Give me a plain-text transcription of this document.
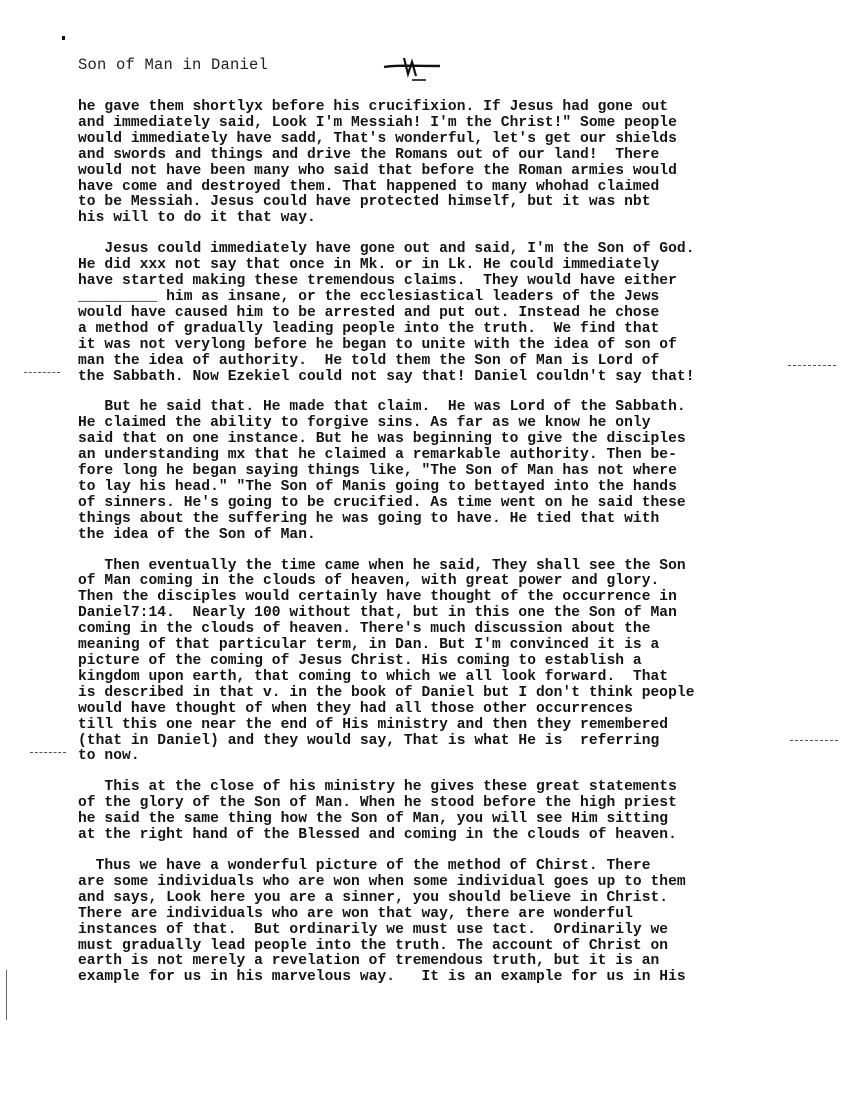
Son of Man in Daniel
he gave them shortlyx before his crucifixion. If Jesus had gone out
and immediately said, Look I'm Messiah! I'm the Christ!" Some people
would immediately have sadd, That's wonderful, let's get our shields
and swords and things and drive the Romans out of our land!  There
would not have been many who said that before the Roman armies would
have come and destroyed them. That happened to many whohad claimed
to be Messiah. Jesus could have protected himself, but it was nbt
his will to do it that way.
Jesus could immediately have gone out and said, I'm the Son of God.
He did xxx not say that once in Mk. or in Lk. He could immediately
have started making these tremendous claims.  They would have either
_________ him as insane, or the ecclesiastical leaders of the Jews
would have caused him to be arrested and put out. Instead he chose
a method of gradually leading people into the truth.  We find that
it was not verylong before he began to unite with the idea of son of
man the idea of authority.  He told them the Son of Man is Lord of
the Sabbath. Now Ezekiel could not say that! Daniel couldn't say that!
But he said that. He made that claim.  He was Lord of the Sabbath.
He claimed the ability to forgive sins. As far as we know he only
said that on one instance. But he was beginning to give the disciples
an understanding mx that he claimed a remarkable authority. Then be-
fore long he began saying things like, "The Son of Man has not where
to lay his head." "The Son of Manis going to bettayed into the hands
of sinners. He's going to be crucified. As time went on he said these
things about the suffering he was going to have. He tied that with
the idea of the Son of Man.
Then eventually the time came when he said, They shall see the Son
of Man coming in the clouds of heaven, with great power and glory.
Then the disciples would certainly have thought of the occurrence in
Daniel7:14.  Nearly 100 without that, but in this one the Son of Man
coming in the clouds of heaven. There's much discussion about the
meaning of that particular term, in Dan. But I'm convinced it is a
picture of the coming of Jesus Christ. His coming to establish a
kingdom upon earth, that coming to which we all look forward.  That
is described in that v. in the book of Daniel but I don't think people
would have thought of when they had all those other occurrences
till this one near the end of His ministry and then they remembered
(that in Daniel) and they would say, That is what He is  referring
to now.
This at the close of his ministry he gives these great statements
of the glory of the Son of Man. When he stood before the high priest
he said the same thing how the Son of Man, you will see Him sitting
at the right hand of the Blessed and coming in the clouds of heaven.
Thus we have a wonderful picture of the method of Chirst. There
are some individuals who are won when some individual goes up to them
and says, Look here you are a sinner, you should believe in Christ.
There are individuals who are won that way, there are wonderful
instances of that.  But ordinarily we must use tact.  Ordinarily we
must gradually lead people into the truth. The account of Christ on
earth is not merely a revelation of tremendous truth, but it is an
example for us in his marvelous way.   It is an example for us in His
